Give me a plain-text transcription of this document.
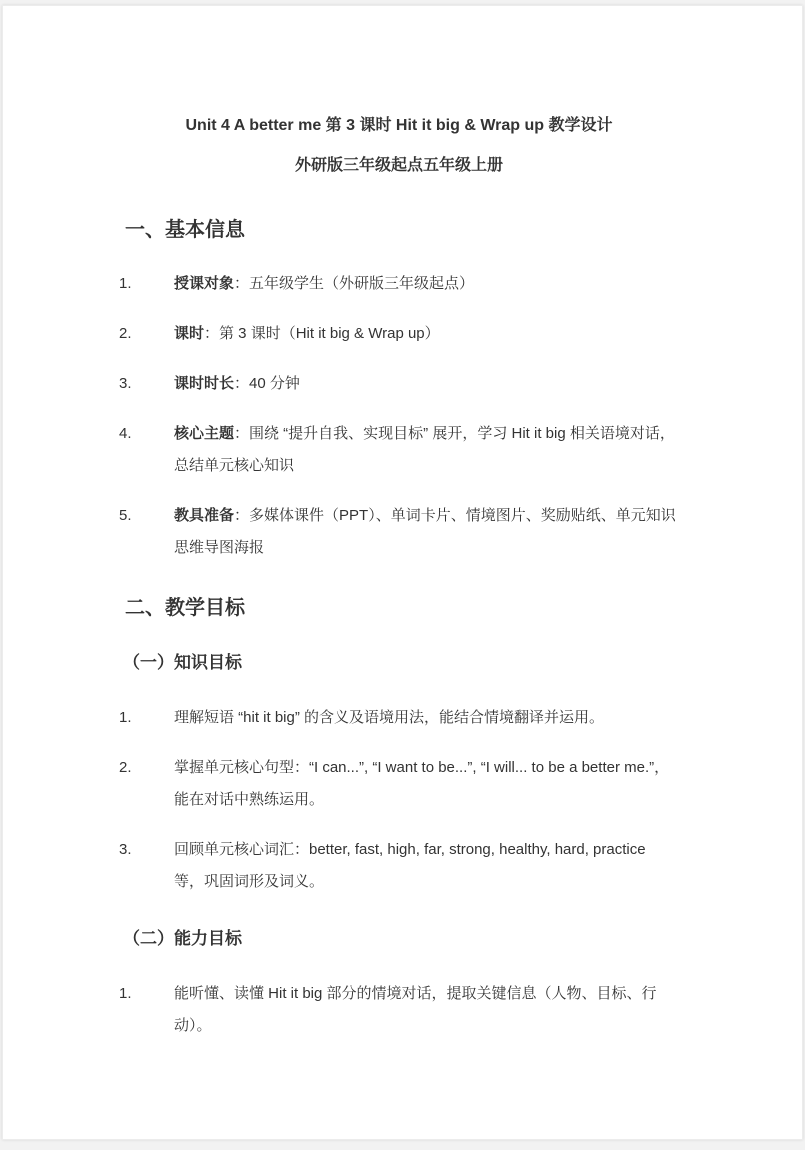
Unit 4 A better me 第 3 课时 Hit it big & Wrap up 教学设计
外研版三年级起点五年级上册
一、基本信息
1.	授课对象：五年级学生（外研版三年级起点）
2.	课时：第 3 课时（Hit it big & Wrap up）
3.	课时时长：40 分钟
4.	核心主题：围绕 “提升自我、实现目标” 展开，学习 Hit it big 相关语境对话，总结单元核心知识
5.	教具准备：多媒体课件（PPT）、单词卡片、情境图片、奖励贴纸、单元知识思维导图海报
二、教学目标
（一）知识目标
1.	理解短语 “hit it big” 的含义及语境用法，能结合情境翻译并运用。
2.	掌握单元核心句型：“I can...”, “I want to be...”, “I will... to be a better me.”，能在对话中熟练运用。
3.	回顾单元核心词汇：better, fast, high, far, strong, healthy, hard, practice 等，巩固词形及词义。
（二）能力目标
1.	能听懂、读懂 Hit it big 部分的情境对话，提取关键信息（人物、目标、行动）。
